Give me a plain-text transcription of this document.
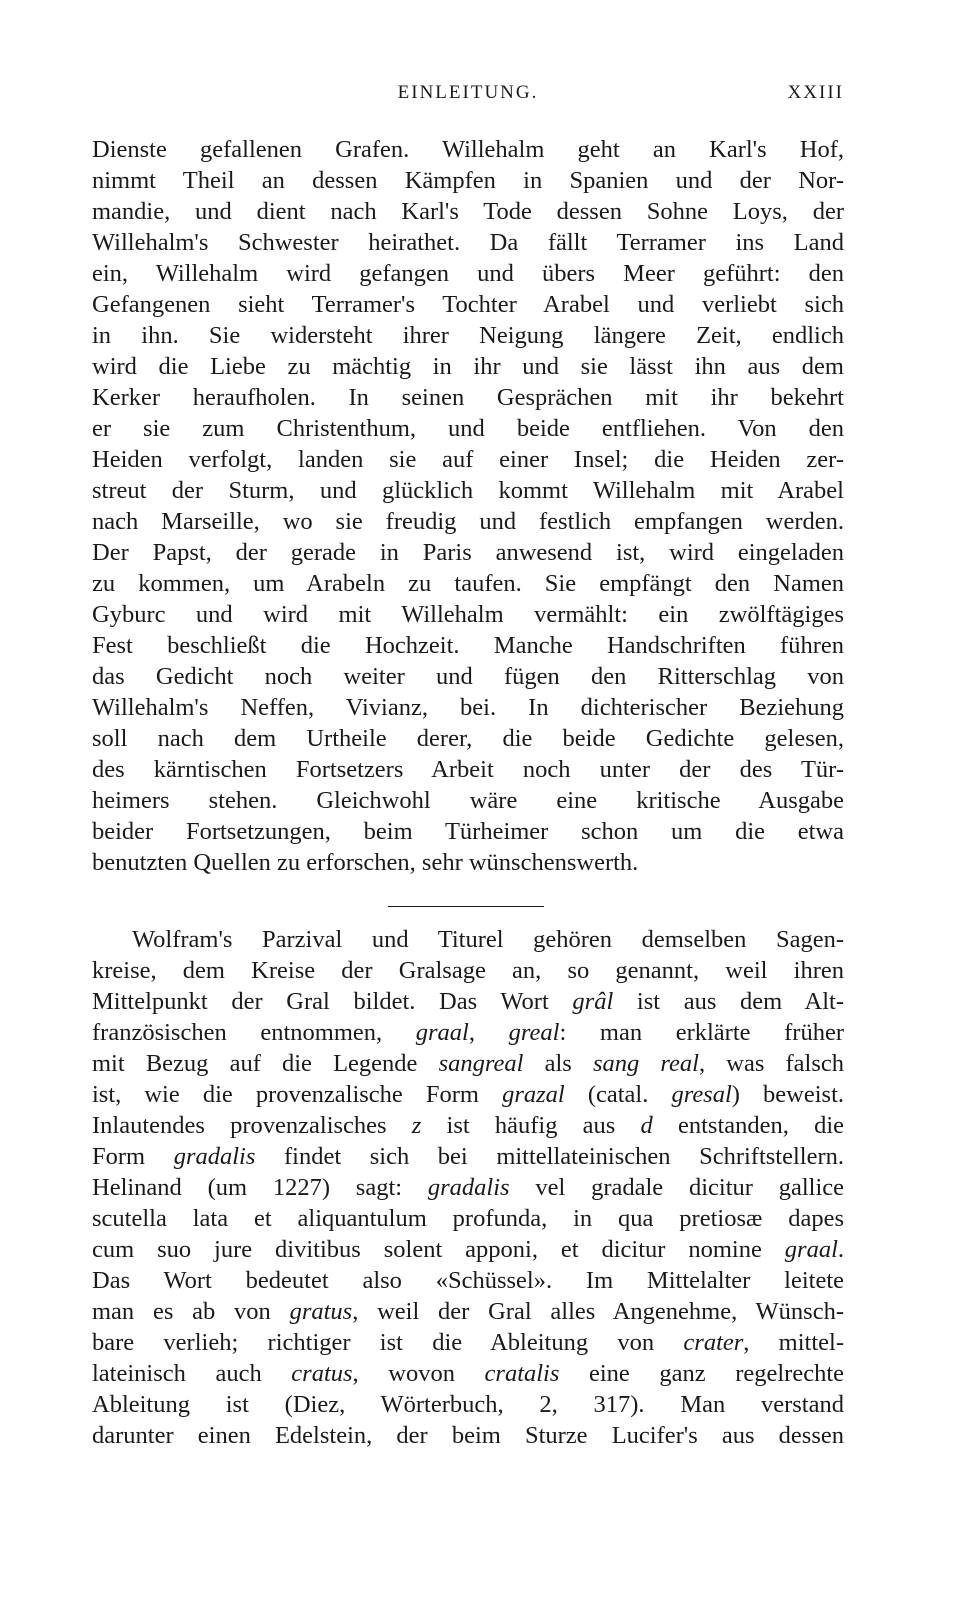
EINLEITUNG.	XXIII
Dienste gefallenen Grafen. Willehalm geht an Karl's Hof,
nimmt Theil an dessen Kämpfen in Spanien und der Nor-
mandie, und dient nach Karl's Tode dessen Sohne Loys, der
Willehalm's Schwester heirathet. Da fällt Terramer ins Land
ein, Willehalm wird gefangen und übers Meer geführt: den
Gefangenen sieht Terramer's Tochter Arabel und verliebt sich
in ihn. Sie widersteht ihrer Neigung längere Zeit, endlich
wird die Liebe zu mächtig in ihr und sie lässt ihn aus dem
Kerker heraufholen. In seinen Gesprächen mit ihr bekehrt
er sie zum Christenthum, und beide entfliehen. Von den
Heiden verfolgt, landen sie auf einer Insel; die Heiden zer-
streut der Sturm, und glücklich kommt Willehalm mit Arabel
nach Marseille, wo sie freudig und festlich empfangen werden.
Der Papst, der gerade in Paris anwesend ist, wird eingeladen
zu kommen, um Arabeln zu taufen. Sie empfängt den Namen
Gyburc und wird mit Willehalm vermählt: ein zwölftägiges
Fest beschließt die Hochzeit. Manche Handschriften führen
das Gedicht noch weiter und fügen den Ritterschlag von
Willehalm's Neffen, Vivianz, bei. In dichterischer Beziehung
soll nach dem Urtheile derer, die beide Gedichte gelesen,
des kärntischen Fortsetzers Arbeit noch unter der des Tür-
heimers stehen. Gleichwohl wäre eine kritische Ausgabe
beider Fortsetzungen, beim Türheimer schon um die etwa
benutzten Quellen zu erforschen, sehr wünschenswerth.
Wolfram's Parzival und Titurel gehören demselben Sagen-
kreise, dem Kreise der Gralsage an, so genannt, weil ihren
Mittelpunkt der Gral bildet. Das Wort grâl ist aus dem Alt-
französischen entnommen, graal, greal: man erklärte früher
mit Bezug auf die Legende sangreal als sang real, was falsch
ist, wie die provenzalische Form grazal (catal. gresal) beweist.
Inlautendes provenzalisches z ist häufig aus d entstanden, die
Form gradalis findet sich bei mittellateinischen Schriftstellern.
Helinand (um 1227) sagt: gradalis vel gradale dicitur gallice
scutella lata et aliquantulum profunda, in qua pretiosæ dapes
cum suo jure divitibus solent apponi, et dicitur nomine graal.
Das Wort bedeutet also «Schüssel». Im Mittelalter leitete
man es ab von gratus, weil der Gral alles Angenehme, Wünsch-
bare verlieh; richtiger ist die Ableitung von crater, mittel-
lateinisch auch cratus, wovon cratalis eine ganz regelrechte
Ableitung ist (Diez, Wörterbuch, 2, 317). Man verstand
darunter einen Edelstein, der beim Sturze Lucifer's aus dessen
